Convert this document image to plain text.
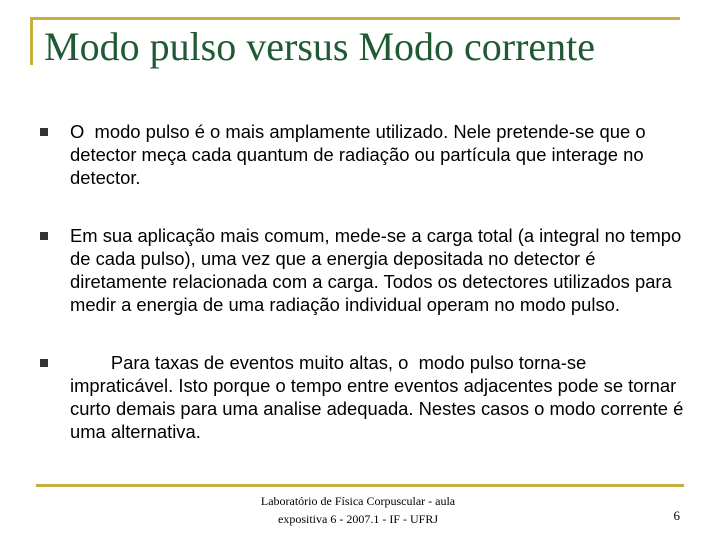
Modo pulso versus Modo corrente
O  modo pulso é o mais amplamente utilizado. Nele pretende-se que o detector meça cada quantum de radiação ou partícula que interage no detector.
Em sua aplicação mais comum, mede-se a carga total (a integral no tempo de cada pulso), uma vez que a energia depositada no detector é diretamente relacionada com a carga. Todos os detectores utilizados para medir a energia de uma radiação individual operam no modo pulso.
Para taxas de eventos muito altas, o  modo pulso torna-se impraticável. Isto porque o tempo entre eventos adjacentes pode se tornar curto demais para uma analise adequada. Nestes casos o modo corrente é uma alternativa.
Laboratório de Física Corpuscular - aula
expositiva 6 - 2007.1 - IF - UFRJ	6
